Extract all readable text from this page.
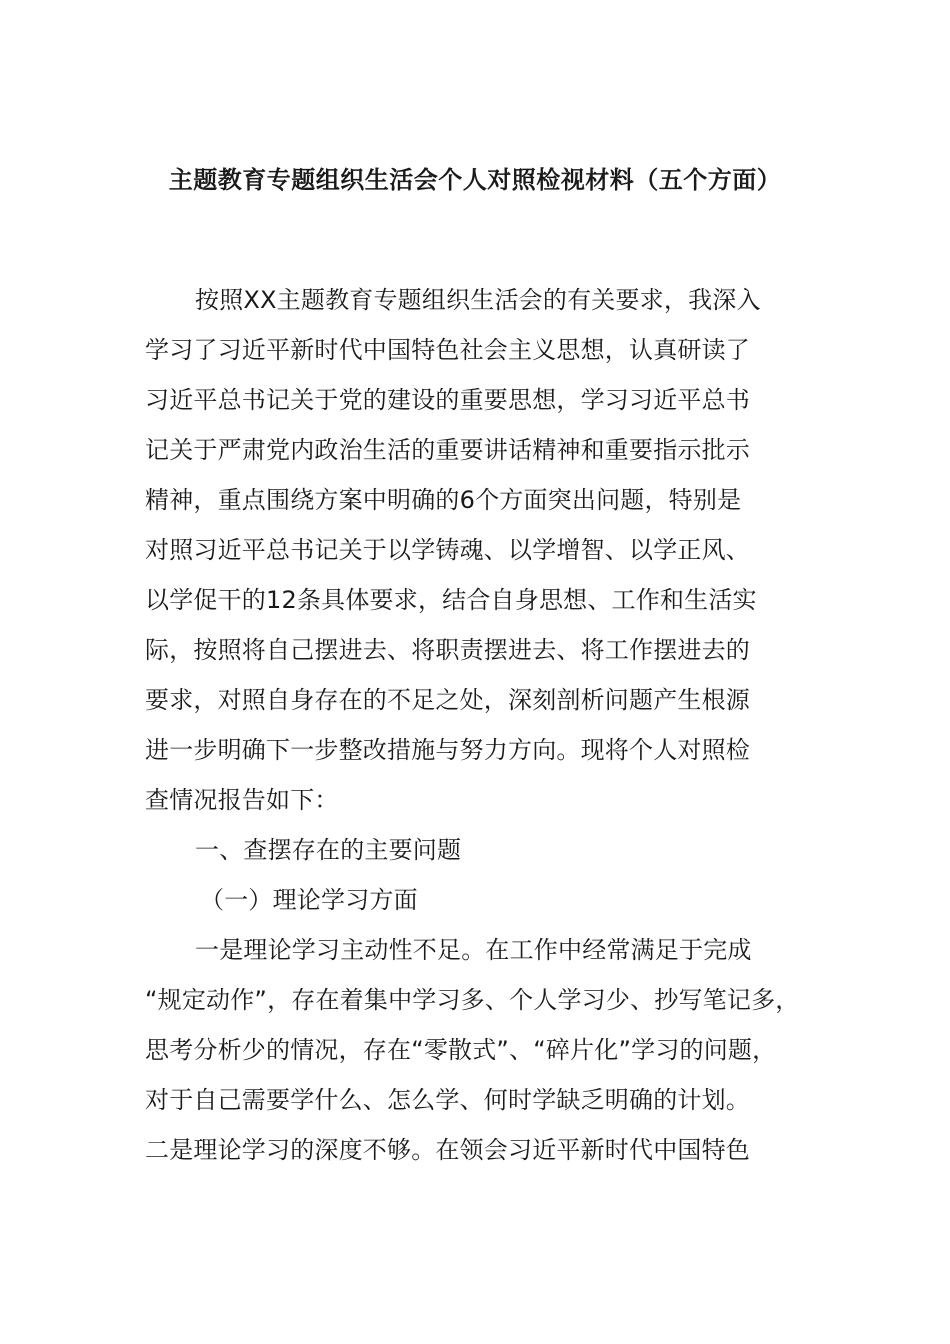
主题教育专题组织生活会个人对照检视材料（五个方面）
按照XX主题教育专题组织生活会的有关要求，我深入
学习了习近平新时代中国特色社会主义思想，认真研读了
习近平总书记关于党的建设的重要思想，学习习近平总书
记关于严肃党内政治生活的重要讲话精神和重要指示批示
精神，重点围绕方案中明确的6个方面突出问题，特别是
对照习近平总书记关于以学铸魂、以学增智、以学正风、
以学促干的12条具体要求，结合自身思想、工作和生活实
际，按照将自己摆进去、将职责摆进去、将工作摆进去的
要求，对照自身存在的不足之处，深刻剖析问题产生根源
进一步明确下一步整改措施与努力方向。现将个人对照检
查情况报告如下：
一、查摆存在的主要问题
（一）理论学习方面
一是理论学习主动性不足。在工作中经常满足于完成
“规定动作”，存在着集中学习多、个人学习少、抄写笔记多，
思考分析少的情况，存在“零散式”、“碎片化”学习的问题，
对于自己需要学什么、怎么学、何时学缺乏明确的计划。
二是理论学习的深度不够。在领会习近平新时代中国特色
